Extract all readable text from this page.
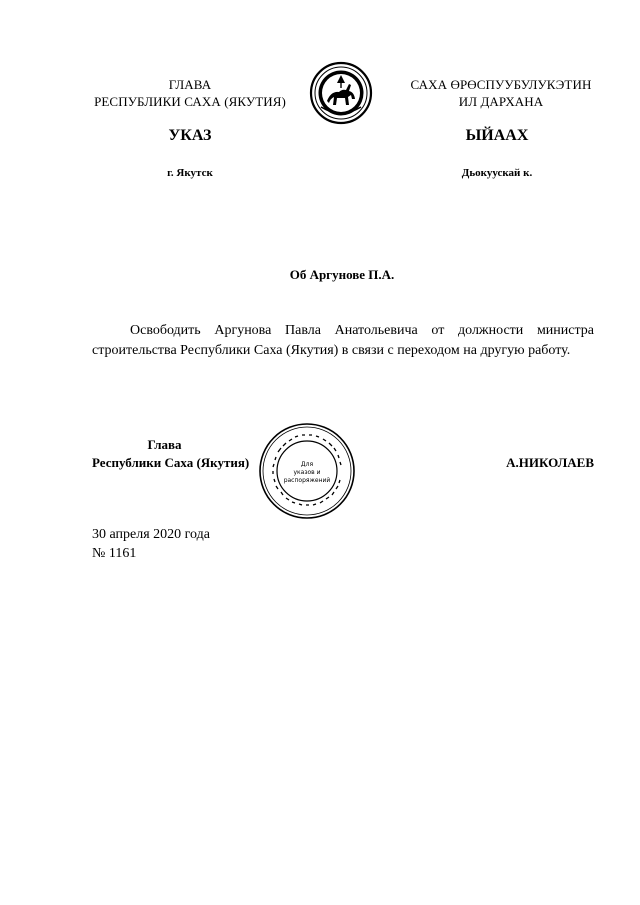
ГЛАВА
РЕСПУБЛИКИ САХА (ЯКУТИЯ)
САХА ӨРӨСПУУБУЛУКЭТИН
ИЛ ДАРХАНА
УКАЗ	ЫЙААХ
г. Якутск	Дьокуускай к.
Об Аргунове П.А.
Освободить Аргунова Павла Анатольевича от должности министра строительства Республики Саха (Якутия) в связи с переходом на другую работу.
Глава
Республики Саха (Якутия)	Для
указов и
распоряжений
А.НИКОЛАЕВ
30 апреля 2020 года
№ 1161
